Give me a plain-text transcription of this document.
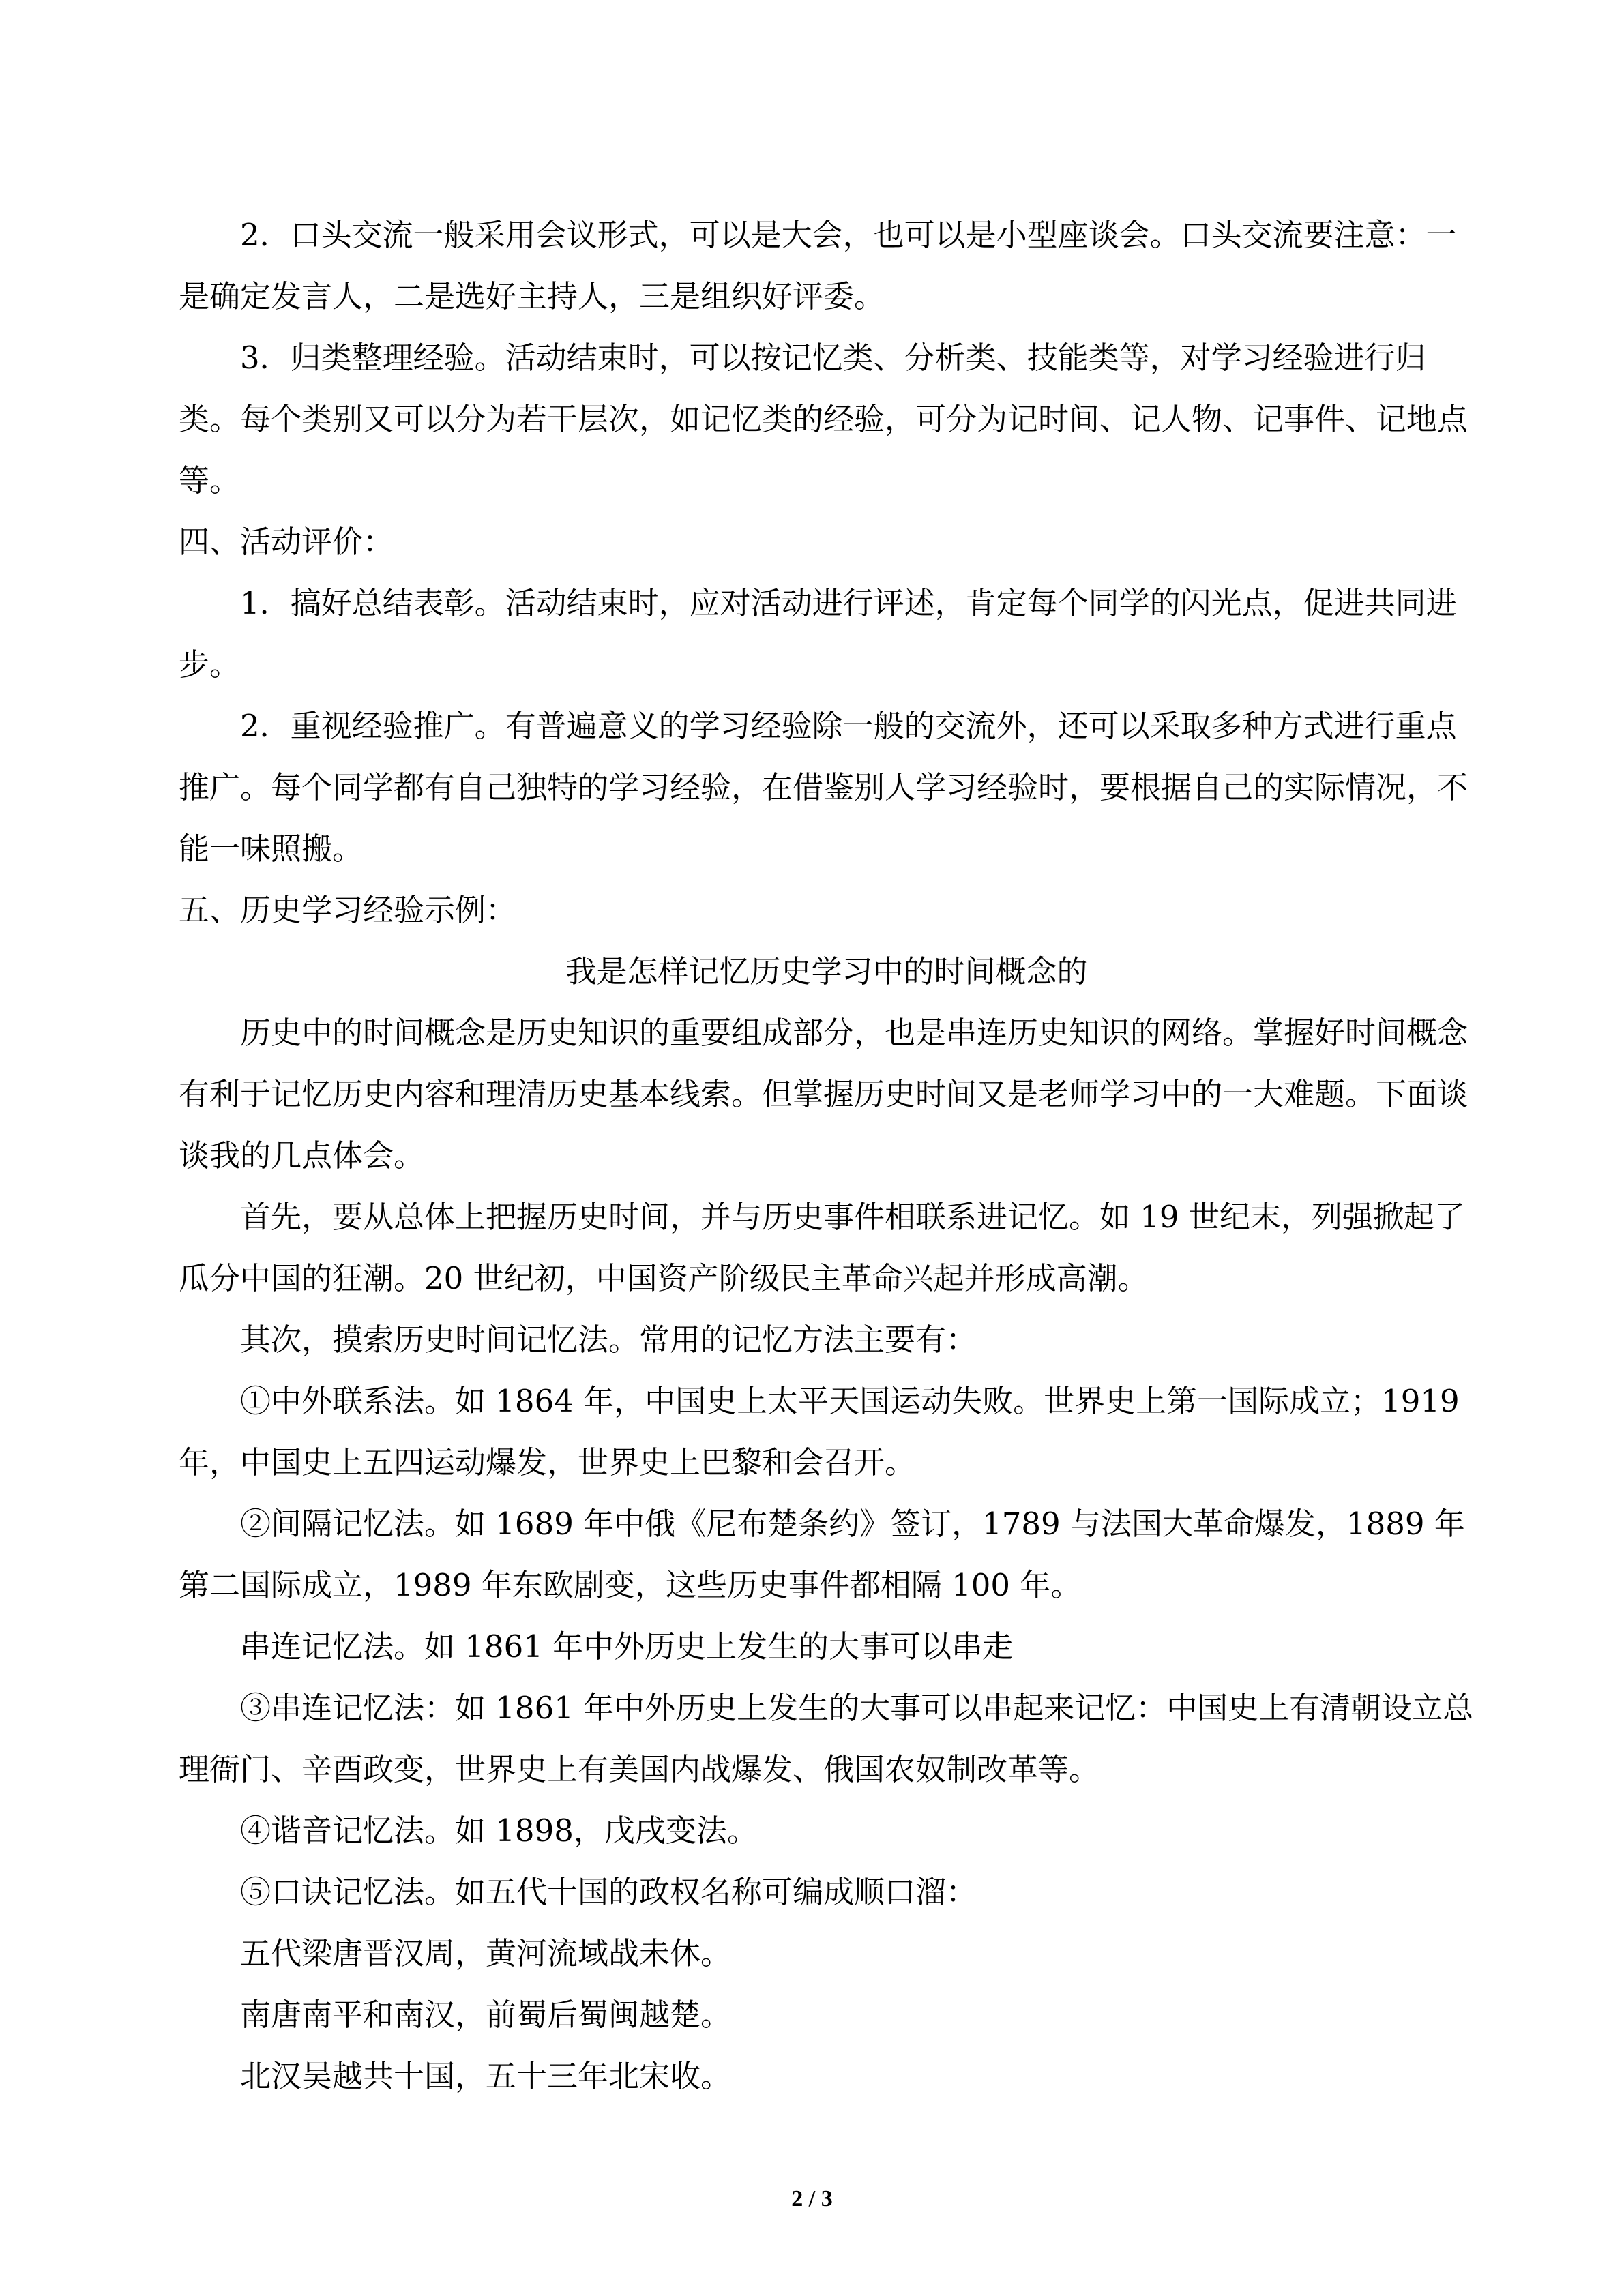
2．口头交流一般采用会议形式，可以是大会，也可以是小型座谈会。口头交流要注意：一是确定发言人，二是选好主持人，三是组织好评委。

3．归类整理经验。活动结束时，可以按记忆类、分析类、技能类等，对学习经验进行归类。每个类别又可以分为若干层次，如记忆类的经验，可分为记时间、记人物、记事件、记地点等。

四、活动评价：

1．搞好总结表彰。活动结束时，应对活动进行评述，肯定每个同学的闪光点，促进共同进步。

2．重视经验推广。有普遍意义的学习经验除一般的交流外，还可以采取多种方式进行重点推广。每个同学都有自己独特的学习经验，在借鉴别人学习经验时，要根据自己的实际情况，不能一味照搬。

五、历史学习经验示例：

我是怎样记忆历史学习中的时间概念的

历史中的时间概念是历史知识的重要组成部分，也是串连历史知识的网络。掌握好时间概念有利于记忆历史内容和理清历史基本线索。但掌握历史时间又是老师学习中的一大难题。下面谈谈我的几点体会。

首先，要从总体上把握历史时间，并与历史事件相联系进记忆。如 19 世纪末，列强掀起了瓜分中国的狂潮。20 世纪初，中国资产阶级民主革命兴起并形成高潮。

其次，摸索历史时间记忆法。常用的记忆方法主要有：

①中外联系法。如 1864 年，中国史上太平天国运动失败。世界史上第一国际成立；1919 年，中国史上五四运动爆发，世界史上巴黎和会召开。

②间隔记忆法。如 1689 年中俄《尼布楚条约》签订，1789 与法国大革命爆发，1889 年第二国际成立，1989 年东欧剧变，这些历史事件都相隔 100 年。

串连记忆法。如 1861 年中外历史上发生的大事可以串走

③串连记忆法：如 1861 年中外历史上发生的大事可以串起来记忆：中国史上有清朝设立总理衙门、辛酉政变，世界史上有美国内战爆发、俄国农奴制改革等。

④谐音记忆法。如 1898，戊戌变法。

⑤口诀记忆法。如五代十国的政权名称可编成顺口溜：

五代梁唐晋汉周，黄河流域战未休。

南唐南平和南汉，前蜀后蜀闽越楚。

北汉吴越共十国，五十三年北宋收。

2 / 3
